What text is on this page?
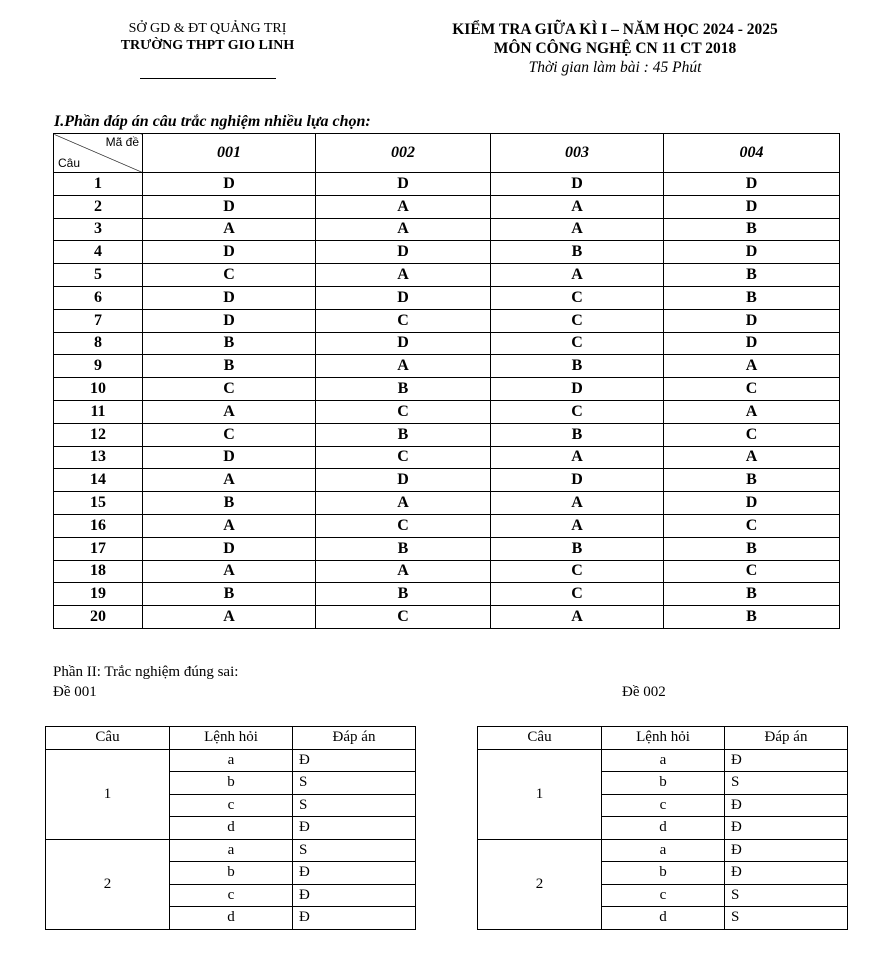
SỞ GD & ĐT QUẢNG TRỊ
TRƯỜNG THPT GIO LINH
KIỂM TRA GIỮA KÌ I – NĂM HỌC 2024 - 2025
MÔN CÔNG NGHỆ CN 11 CT 2018
Thời gian làm bài : 45 Phút
I.Phần đáp án câu trắc nghiệm nhiều lựa chọn:
Mã đề
Câu	001	002	003	004
1	D	D	D	D
2	D	A	A	D
3	A	A	A	B
4	D	D	B	D
5	C	A	A	B
6	D	D	C	B
7	D	C	C	D
8	B	D	C	D
9	B	A	B	A
10	C	B	D	C
11	A	C	C	A
12	C	B	B	C
13	D	C	A	A
14	A	D	D	B
15	B	A	A	D
16	A	C	A	C
17	D	B	B	B
18	A	A	C	C
19	B	B	C	B
20	A	C	A	B
Phần II: Trắc nghiệm đúng sai:
Đề 001	Đề 002
Câu	Lệnh hỏi	Đáp án
1	a	Đ
	b	S
	c	S
	d	Đ
2	a	S
	b	Đ
	c	Đ
	d	Đ
Câu	Lệnh hỏi	Đáp án
1	a	Đ
	b	S
	c	Đ
	d	Đ
2	a	Đ
	b	Đ
	c	S
	d	S
